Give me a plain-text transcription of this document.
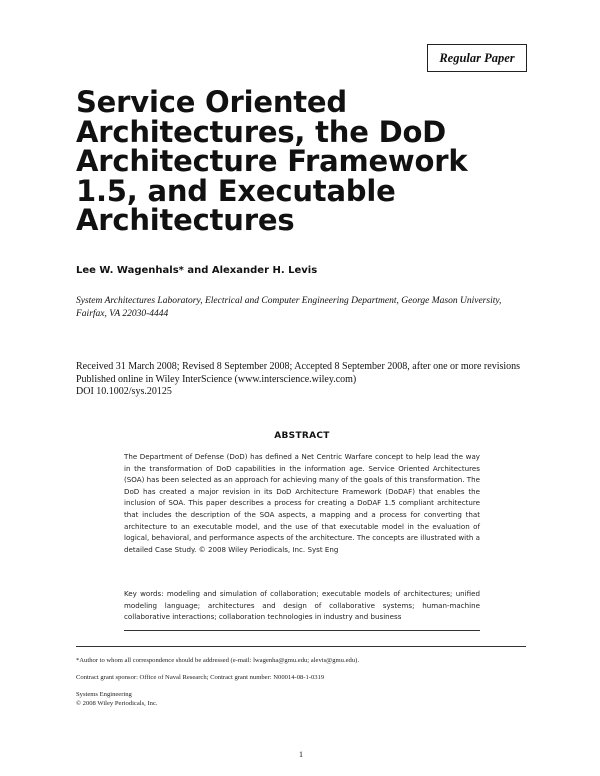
Regular Paper
Service Oriented
Architectures, the DoD
Architecture Framework
1.5, and Executable
Architectures

Lee W. Wagenhals* and Alexander H. Levis

System Architectures Laboratory, Electrical and Computer Engineering Department, George Mason University, Fairfax, VA 22030-4444

Received 31 March 2008; Revised 8 September 2008; Accepted 8 September 2008, after one or more revisions
Published online in Wiley InterScience (www.interscience.wiley.com)
DOI 10.1002/sys.20125
ABSTRACT

The Department of Defense (DoD) has defined a Net Centric Warfare concept to help lead the way in the transformation of DoD capabilities in the information age. Service Oriented Architectures (SOA) has been selected as an approach for achieving many of the goals of this transformation. The DoD has created a major revision in its DoD Architecture Framework (DoDAF) that enables the inclusion of SOA. This paper describes a process for creating a DoDAF 1.5 compliant architecture that includes the description of the SOA aspects, a mapping and a process for converting that architecture to an executable model, and the use of that executable model in the evaluation of logical, behavioral, and performance aspects of the architecture. The concepts are illustrated with a detailed Case Study. © 2008 Wiley Periodicals, Inc. Syst Eng

Key words: modeling and simulation of collaboration; executable models of architectures; unified modeling language; architectures and design of collaborative systems; human-machine collaborative interactions; collaboration technologies in industry and business

*Author to whom all correspondence should be addressed (e-mail: lwagenha@gmu.edu; alevis@gmu.edu).

Contract grant sponsor: Office of Naval Research; Contract grant number: N00014-08-1-0319

Systems Engineering
© 2008 Wiley Periodicals, Inc.

1
